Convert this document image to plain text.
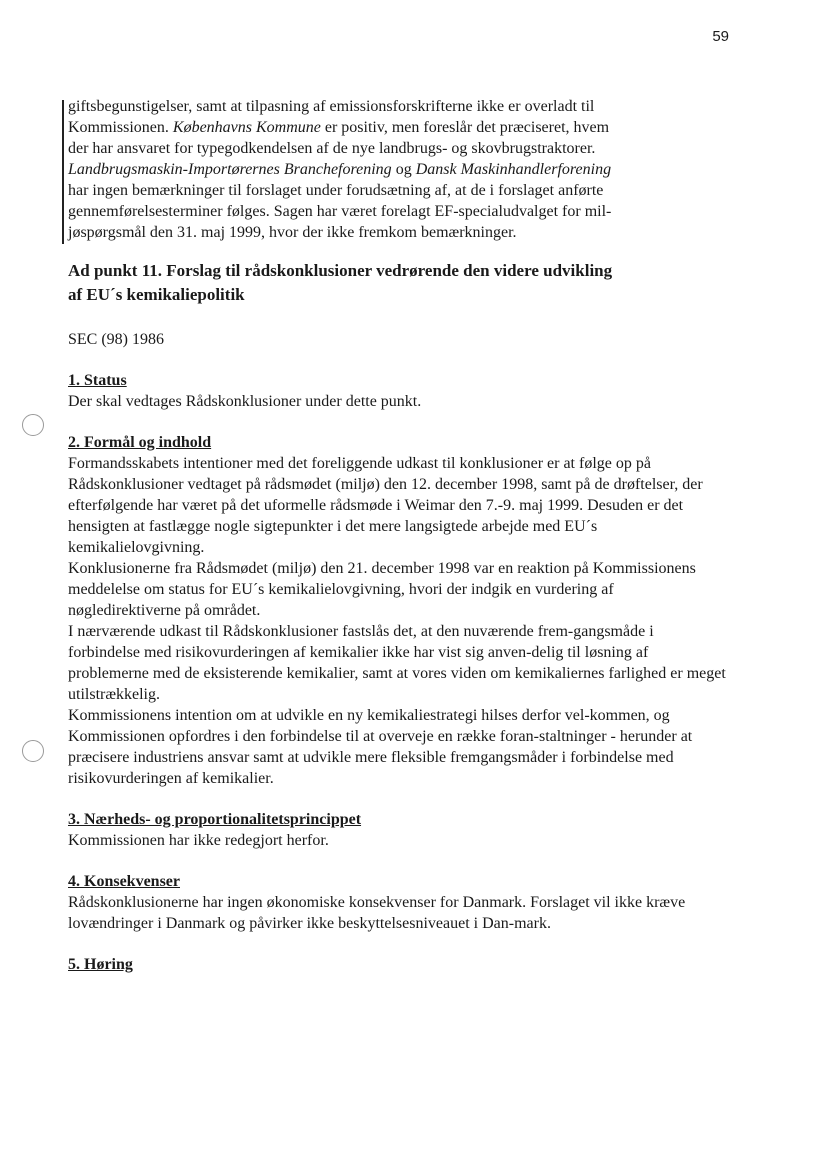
59
giftsbegunstigelser, samt at tilpasning af emissionsforskrifterne ikke er overladt til
Kommissionen. Københavns Kommune er positiv, men foreslår det præciseret, hvem
der har ansvaret for typegodkendelsen af de nye landbrugs- og skovbrugstraktorer.
Landbrugsmaskin-Importørernes Brancheforening og Dansk Maskinhandlerforening
har ingen bemærkninger til forslaget under forudsætning af, at de i forslaget anførte
gennemførelsesterminer følges. Sagen har været forelagt EF-specialudvalget for mil-
jøspørgsmål den 31. maj 1999, hvor der ikke fremkom bemærkninger.
Ad punkt 11. Forslag til rådskonklusioner vedrørende den videre udvikling
af EU´s kemikaliepolitik

SEC (98) 1986

1. Status

Der skal vedtages Rådskonklusioner under dette punkt.

2. Formål og indhold

Formandsskabets intentioner med det foreliggende udkast til konklusioner er at følge op på Rådskonklusioner vedtaget på rådsmødet (miljø) den 12. december 1998, samt på de drøftelser, der efterfølgende har været på det uformelle rådsmøde i Weimar den 7.-9. maj 1999. Desuden er det hensigten at fastlægge nogle sigtepunkter i det mere langsigtede arbejde med EU´s kemikalielovgivning.

Konklusionerne fra Rådsmødet (miljø) den 21. december 1998 var en reaktion på Kommissionens meddelelse om status for EU´s kemikalielovgivning, hvori der indgik en vurdering af nøgledirektiverne på området.

I nærværende udkast til Rådskonklusioner fastslås det, at den nuværende frem-gangsmåde i forbindelse med risikovurderingen af kemikalier ikke har vist sig anven-delig til løsning af problemerne med de eksisterende kemikalier, samt at vores viden om kemikaliernes farlighed er meget utilstrækkelig.

Kommissionens intention om at udvikle en ny kemikaliestrategi hilses derfor vel-kommen, og Kommissionen opfordres i den forbindelse til at overveje en række foran-staltninger - herunder at præcisere industriens ansvar samt at udvikle mere fleksible fremgangsmåder i forbindelse med risikovurderingen af kemikalier.

3. Nærheds- og proportionalitetsprincippet

Kommissionen har ikke redegjort herfor.

4. Konsekvenser

Rådskonklusionerne har ingen økonomiske konsekvenser for Danmark. Forslaget vil ikke kræve lovændringer i Danmark og påvirker ikke beskyttelsesniveauet i Dan-mark.

5. Høring
